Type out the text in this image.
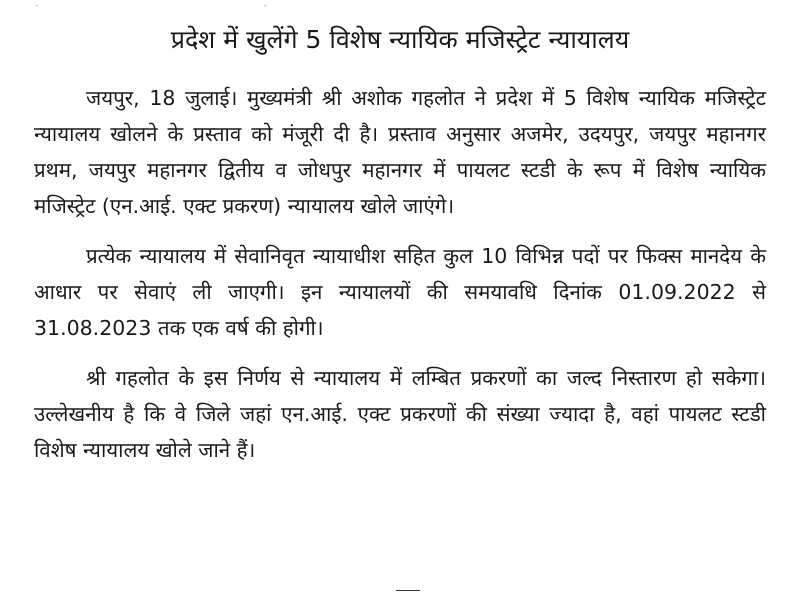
प्रदेश में खुलेंगे 5 विशेष न्यायिक मजिस्ट्रेट न्यायालय

जयपुर, 18 जुलाई। मुख्यमंत्री श्री अशोक गहलोत ने प्रदेश में 5 विशेष न्यायिक मजिस्ट्रेट न्यायालय खोलने के प्रस्ताव को मंजूरी दी है। प्रस्ताव अनुसार अजमेर, उदयपुर, जयपुर महानगर प्रथम, जयपुर महानगर द्वितीय व जोधपुर महानगर में पायलट स्टडी के रूप में विशेष न्यायिक मजिस्ट्रेट (एन.आई. एक्ट प्रकरण) न्यायालय खोले जाएंगे।

प्रत्येक न्यायालय में सेवानिवृत न्यायाधीश सहित कुल 10 विभिन्न पदों पर फिक्स मानदेय के आधार पर सेवाएं ली जाएगी। इन न्यायालयों की समयावधि दिनांक 01.09.2022 से 31.08.2023 तक एक वर्ष की होगी।

श्री गहलोत के इस निर्णय से न्यायालय में लम्बित प्रकरणों का जल्द निस्तारण हो सकेगा। उल्लेखनीय है कि वे जिले जहां एन.आई. एक्ट प्रकरणों की संख्या ज्यादा है, वहां पायलट स्टडी विशेष न्यायालय खोले जाने हैं।
